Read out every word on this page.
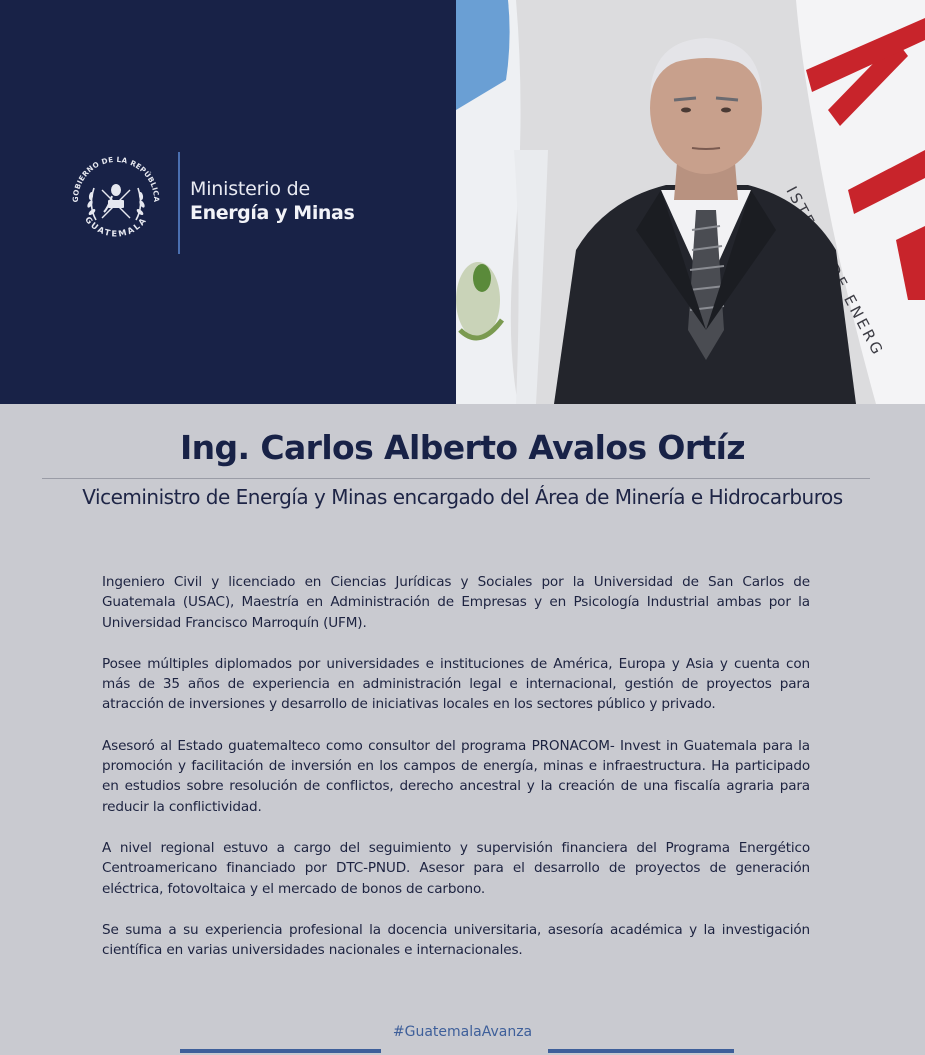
GOBIERNO DE LA REPÚBLICA
GUATEMALA
Ministerio de
Energía y Minas
ENERG
Ing. Carlos Alberto Avalos Ortíz
Viceministro de Energía y Minas encargado del Área de Minería e Hidrocarburos

Ingeniero Civil y licenciado en Ciencias Jurídicas y Sociales por la Universidad de San Carlos de Guatemala (USAC), Maestría en Administración de Empresas y en Psicología Industrial ambas por la Universidad Francisco Marroquín (UFM).

Posee múltiples diplomados por universidades e instituciones de América, Europa y Asia y cuenta con más de 35 años de experiencia en administración legal e internacional, gestión de proyectos para atracción de inversiones y desarrollo de iniciativas locales en los sectores público y privado.

Asesoró al Estado guatemalteco como consultor del programa PRONACOM- Invest in Guatemala para la promoción y facilitación de inversión en los campos de energía, minas e infraestructura. Ha participado en estudios sobre resolución de conflictos, derecho ancestral y la creación de una fiscalía agraria para reducir la conflictividad.

A nivel regional estuvo a cargo del seguimiento y supervisión financiera del Programa Energético Centroamericano financiado por DTC-PNUD. Asesor para el desarrollo de proyectos de generación eléctrica, fotovoltaica y el mercado de bonos de carbono.

Se suma a su experiencia profesional la docencia universitaria, asesoría académica y la investigación científica en varias universidades nacionales e internacionales.

#GuatemalaAvanza
